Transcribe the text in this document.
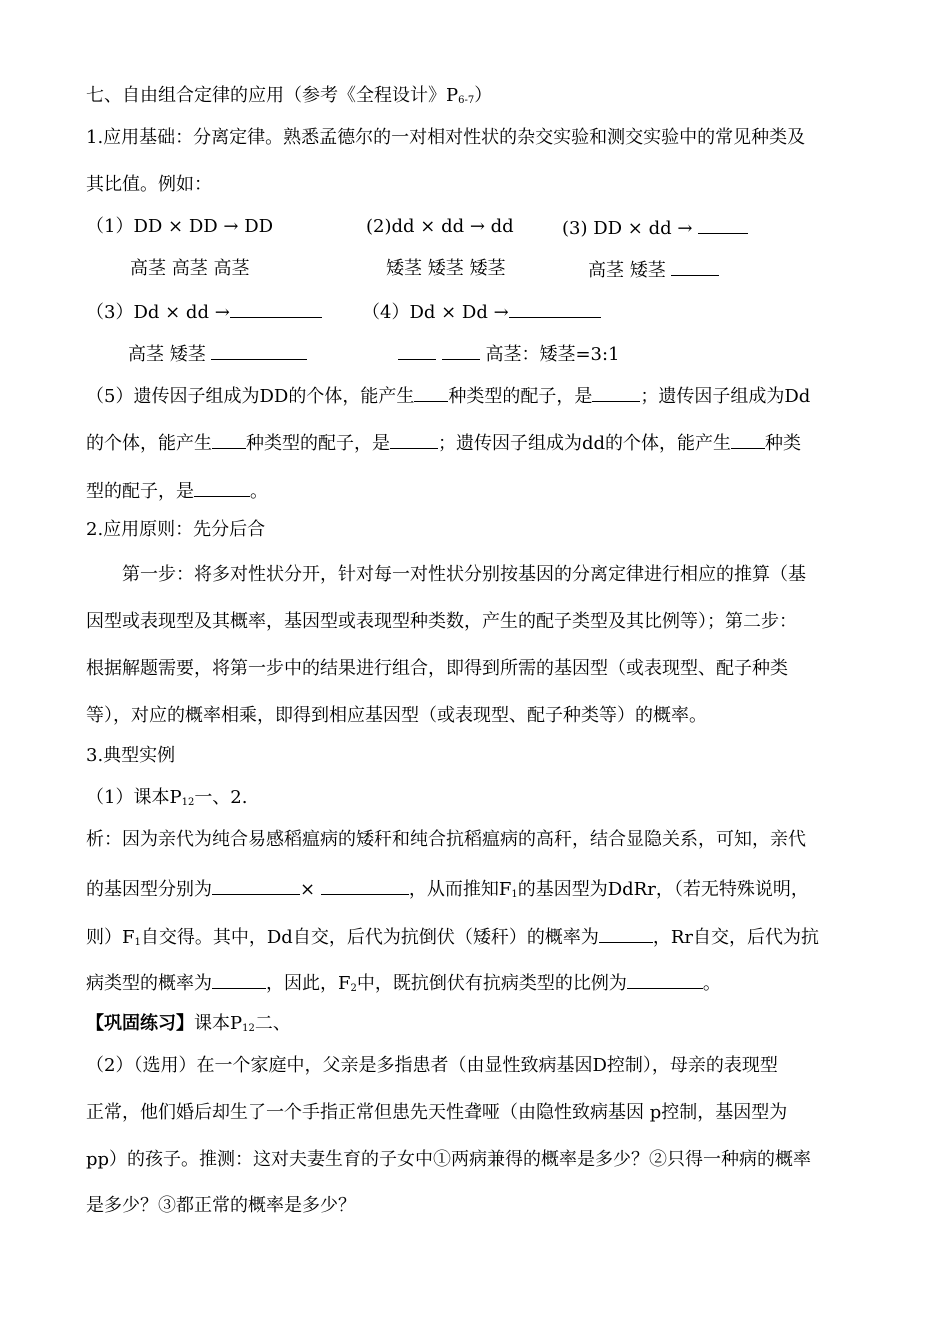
七、自由组合定律的应用（参考《全程设计》$P_{6-7}$）
1.应用基础：分离定律。熟悉孟德尔的一对相对性状的杂交实验和测交实验中的常见种类及
其比值。例如：
（1）DD × DD → DD	(2)dd × dd → dd	(3) DD × dd →
高茎 高茎 高茎	矮茎 矮茎 矮茎	高茎 矮茎
（3）Dd × dd →	（4）Dd × Dd →
高茎 矮茎	高茎：矮茎=3:1
（5）遗传因子组成为DD的个体，能产生 种类型的配子，是	；遗传因子组成为Dd
的个体，能产生 种类型的配子，是	；遗传因子组成为dd的个体，能产生 种类
型的配子，是	。
2.应用原则：先分后合
第一步：将多对性状分开，针对每一对性状分别按基因的分离定律进行相应的推算（基
因型或表现型及其概率，基因型或表现型种类数，产生的配子类型及其比例等）；第二步：
根据解题需要，将第一步中的结果进行组合，即得到所需的基因型（或表现型、配子种类
等），对应的概率相乘，即得到相应基因型（或表现型、配子种类等）的概率。
3.典型实例
（1）课本$P_{12}$一、2.
析：因为亲代为纯合易感稻瘟病的矮秆和纯合抗稻瘟病的高秆，结合显隐关系，可知，亲代
的基因型分别为	×	，从而推知$F_1$的基因型为DdRr，（若无特殊说明，
则）$F_1$自交得。其中，Dd自交，后代为抗倒伏（矮秆）的概率为	，Rr自交，后代为抗
病类型的概率为	，因此，$F_2$中，既抗倒伏有抗病类型的比例为	。
【巩固练习】课本$P_{12}$二、
（2）（选用）在一个家庭中，父亲是多指患者（由显性致病基因D控制），母亲的表现型
正常，他们婚后却生了一个手指正常但患先天性聋哑（由隐性致病基因 p控制，基因型为
pp）的孩子。推测：这对夫妻生育的子女中①两病兼得的概率是多少？②只得一种病的概率
是多少？③都正常的概率是多少？
